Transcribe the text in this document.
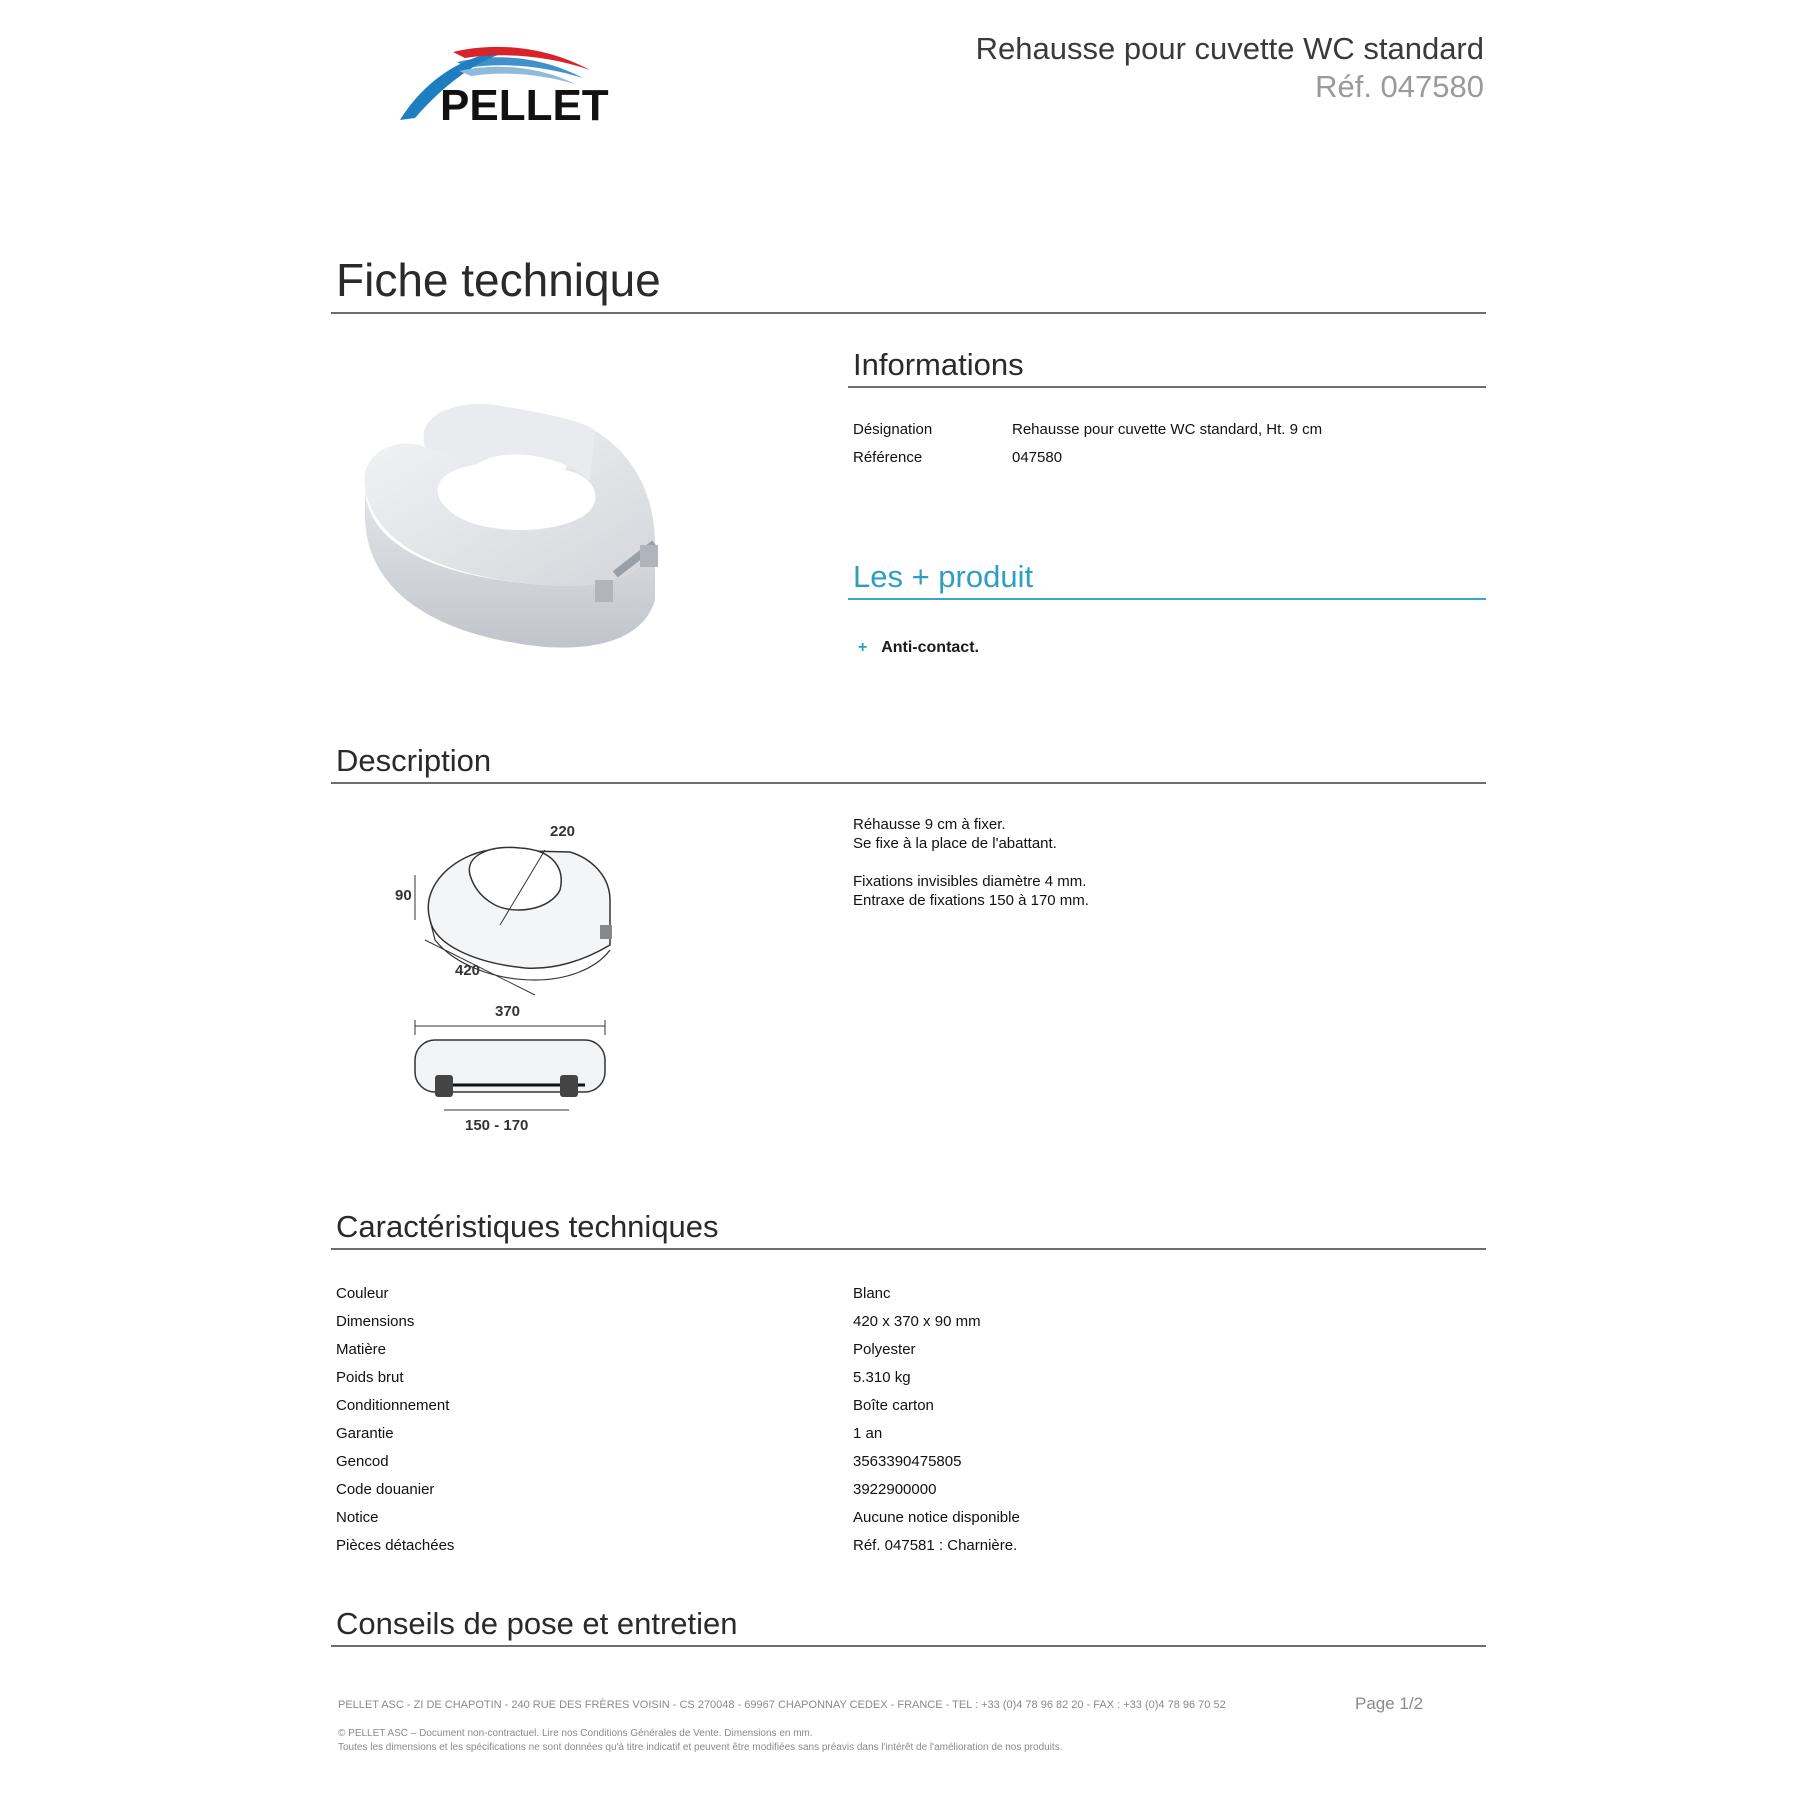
PELLET
Rehausse pour cuvette WC standard
Réf. 047580
Fiche technique
Informations
Désignation	Rehausse pour cuvette WC standard, Ht. 9 cm
Référence	047580
Les + produit
+ Anti-contact.
Description
220
90
420
370
150 - 170
Réhausse 9 cm à fixer.
Se fixe à la place de l'abattant.
Fixations invisibles diamètre 4 mm.
Entraxe de fixations 150 à 170 mm.
Caractéristiques techniques
Couleur	Blanc
Dimensions	420 x 370 x 90 mm
Matière	Polyester
Poids brut	5.310 kg
Conditionnement	Boîte carton
Garantie	1 an
Gencod	3563390475805
Code douanier	3922900000
Notice	Aucune notice disponible
Pièces détachées	Réf. 047581 : Charnière.
Conseils de pose et entretien
PELLET ASC - ZI DE CHAPOTIN - 240 RUE DES FRÈRES VOISIN - CS 270048 - 69967 CHAPONNAY CEDEX - FRANCE - TEL : +33 (0)4 78 96 82 20 - FAX : +33 (0)4 78 96 70 52	Page 1/2
© PELLET ASC – Document non-contractuel. Lire nos Conditions Générales de Vente. Dimensions en mm.
Toutes les dimensions et les spécifications ne sont données qu'à titre indicatif et peuvent être modifiées sans préavis dans l'intérêt de l'amélioration de nos produits.
